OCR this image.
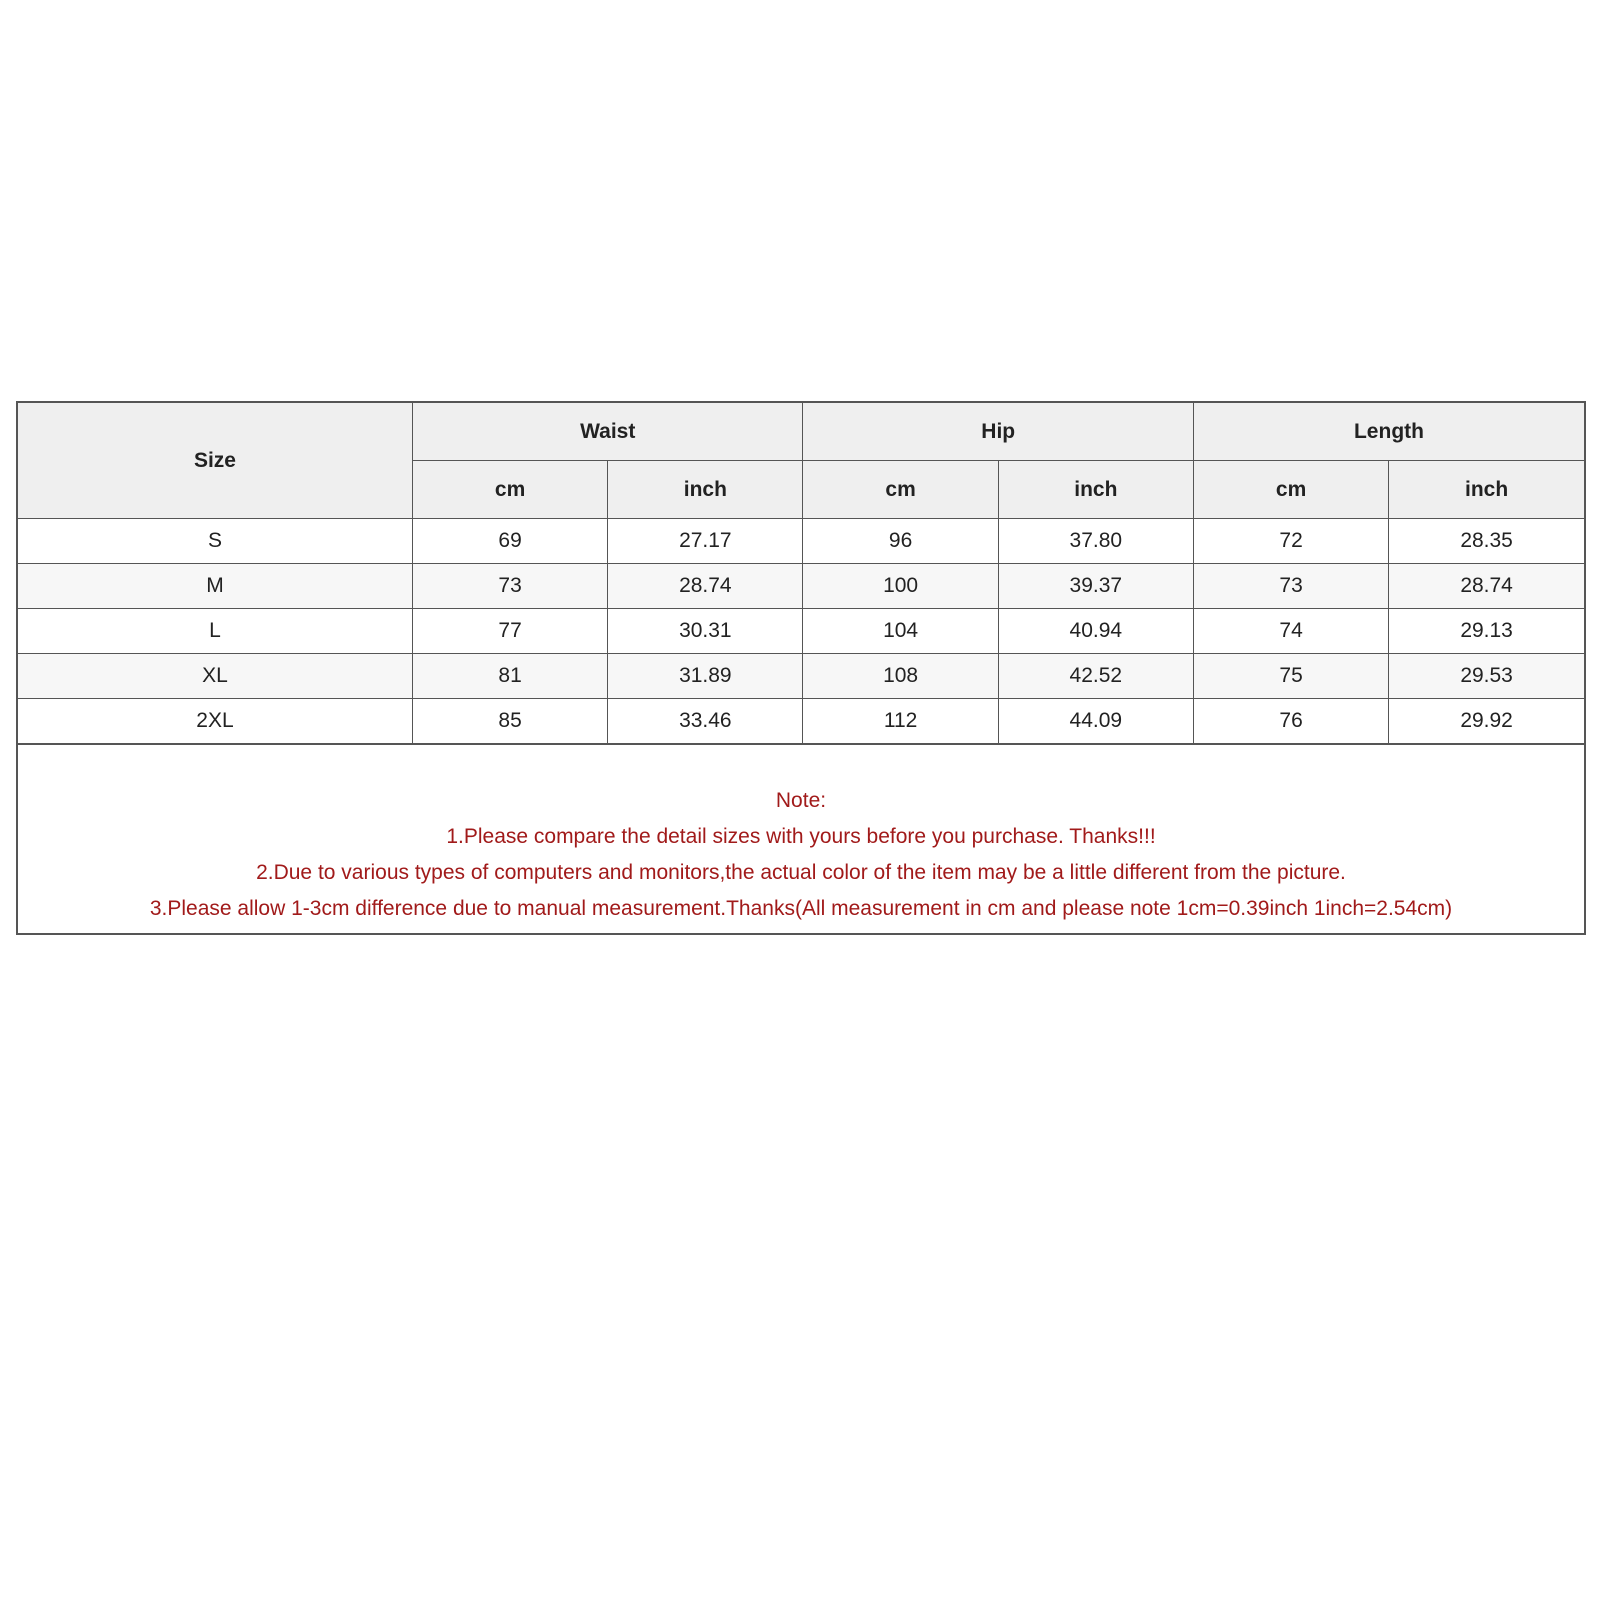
Size	Waist		Hip		Length	
	cm	inch	cm	inch	cm	inch
S	69	27.17	96	37.80	72	28.35
M	73	28.74	100	39.37	73	28.74
L	77	30.31	104	40.94	74	29.13
XL	81	31.89	108	42.52	75	29.53
2XL	85	33.46	112	44.09	76	29.92
Note:
1.Please compare the detail sizes with yours before you purchase. Thanks!!!
2.Due to various types of computers and monitors,the actual color of the item may be a little different from the picture.
3.Please allow 1-3cm difference due to manual measurement.Thanks(All measurement in cm and please note 1cm=0.39inch 1inch=2.54cm)
